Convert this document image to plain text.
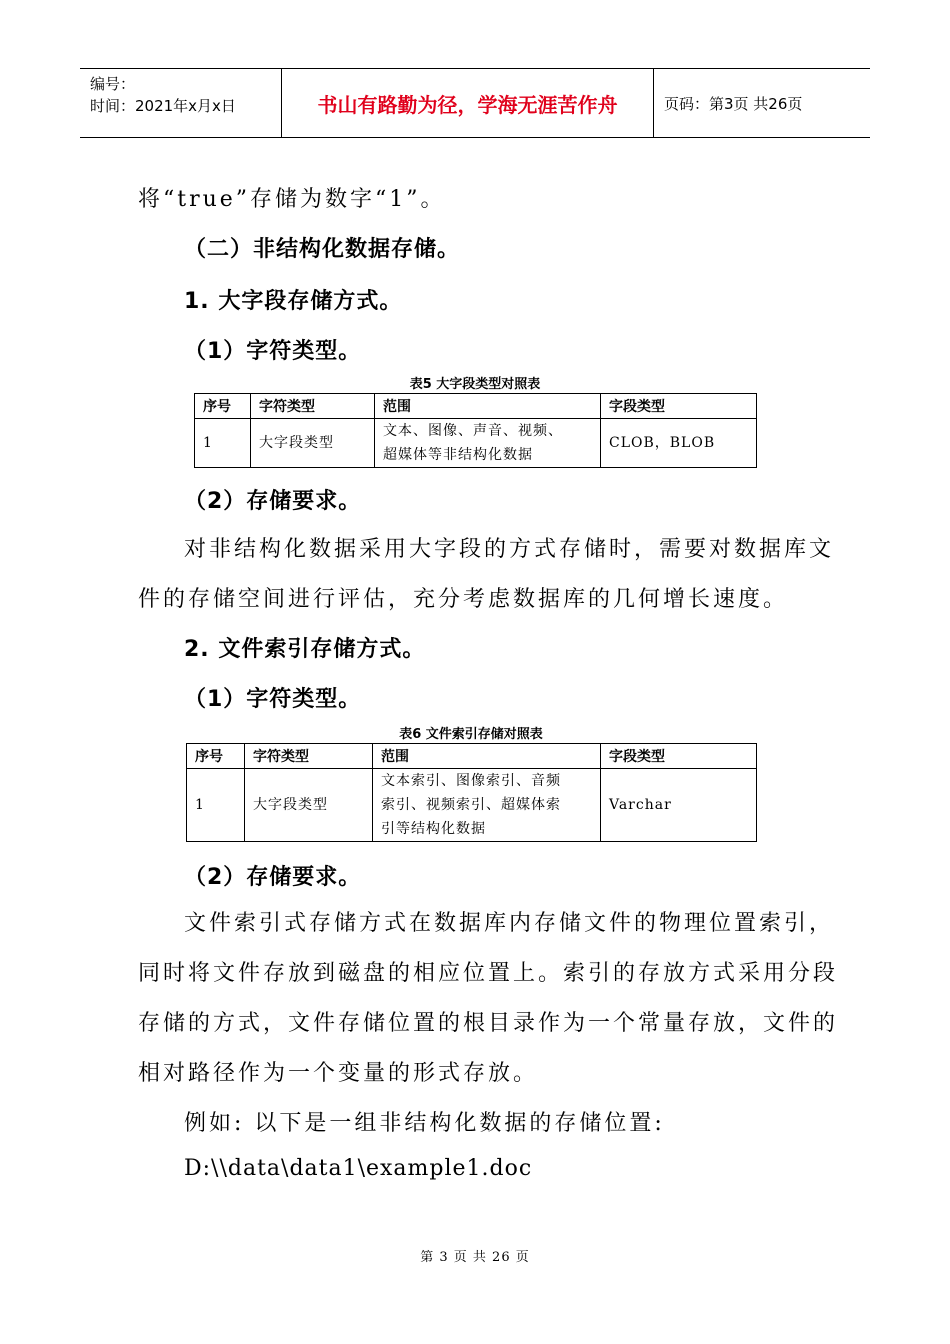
编号：
时间：2021年x月x日	书山有路勤为径，学海无涯苦作舟	页码：第3页 共26页
将“true”存储为数字“1”。
（二）非结构化数据存储。
1. 大字段存储方式。
（1）字符类型。
表5 大字段类型对照表
序号	字符类型	范围	字段类型
1	大字段类型	文本、图像、声音、视频、
超媒体等非结构化数据	CLOB，BLOB
（2）存储要求。
对非结构化数据采用大字段的方式存储时，需要对数据库文
件的存储空间进行评估，充分考虑数据库的几何增长速度。
2. 文件索引存储方式。
（1）字符类型。
表6 文件索引存储对照表
序号	字符类型	范围	字段类型
1	大字段类型	文本索引、图像索引、音频
索引、视频索引、超媒体索
引等结构化数据	Varchar
（2）存储要求。
文件索引式存储方式在数据库内存储文件的物理位置索引，
同时将文件存放到磁盘的相应位置上。索引的存放方式采用分段
存储的方式，文件存储位置的根目录作为一个常量存放，文件的
相对路径作为一个变量的形式存放。
例如: 以下是一组非结构化数据的存储位置:
D:\\data\data1\example1.doc
第 3 页 共 26 页
